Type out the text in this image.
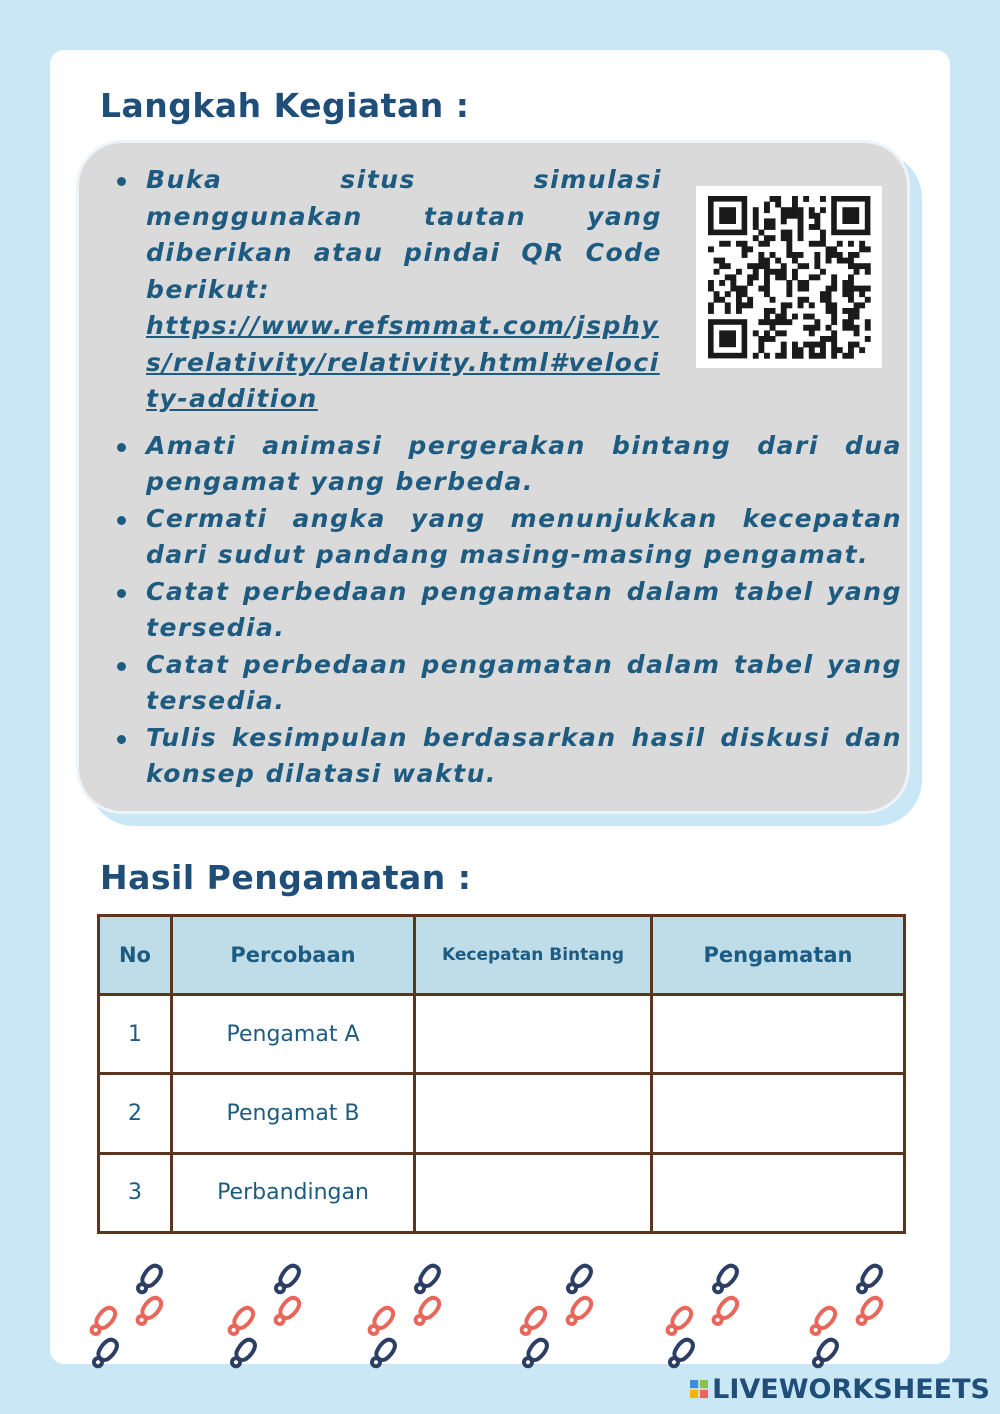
Langkah Kegiatan :
Buka situs simulasi menggunakan tautan yang diberikan atau pindai QR Code berikut:
https://www.refsmmat.com/jsphys/relativity/relativity.html#velocity-addition
Amati animasi pergerakan bintang dari dua pengamat yang berbeda.
Cermati angka yang menunjukkan kecepatan dari sudut pandang masing-masing pengamat.
Catat perbedaan pengamatan dalam tabel yang tersedia.
Catat perbedaan pengamatan dalam tabel yang tersedia.
Tulis kesimpulan berdasarkan hasil diskusi dan konsep dilatasi waktu.
Hasil Pengamatan :
No	Percobaan	Kecepatan Bintang	Pengamatan
1	Pengamat A		
2	Pengamat B		
3	Perbandingan		
LIVEWORKSHEETS
